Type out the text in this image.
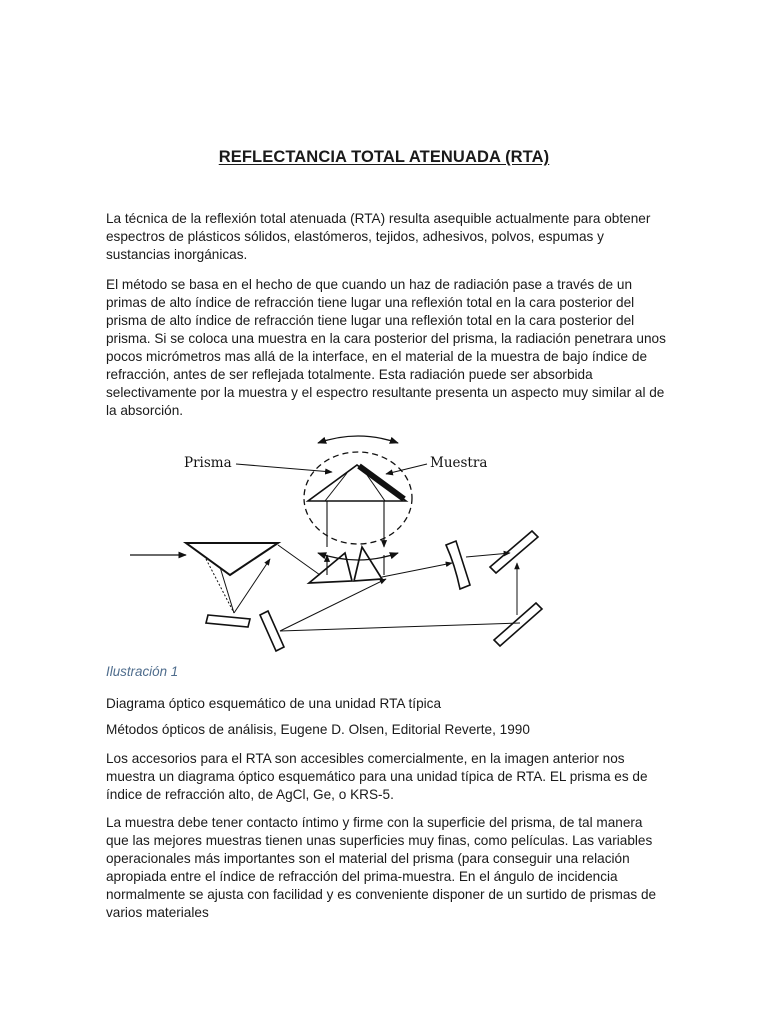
REFLECTANCIA TOTAL ATENUADA (RTA)

La técnica de la reflexión total atenuada (RTA) resulta asequible actualmente para obtener espectros de plásticos sólidos, elastómeros, tejidos, adhesivos, polvos, espumas y sustancias inorgánicas.

El método se basa en el hecho de que cuando un haz de radiación pase a través de un primas de alto índice de refracción tiene lugar una reflexión total en la cara posterior del prisma de alto índice de refracción tiene lugar una reflexión total en la cara posterior del prisma. Si se coloca una muestra en la cara posterior del prisma, la radiación penetrara unos pocos micrómetros mas allá de la interface, en el material de la muestra de bajo índice de refracción, antes de ser reflejada totalmente. Esta radiación puede ser absorbida selectivamente por la muestra y el espectro resultante presenta un aspecto muy similar al de la absorción.

Prisma	Muestra
Ilustración 1

Diagrama óptico esquemático de una unidad RTA típica

Métodos ópticos de análisis, Eugene D. Olsen, Editorial Reverte, 1990

Los accesorios para el RTA son accesibles comercialmente, en la imagen anterior nos muestra un diagrama óptico esquemático para una unidad típica de RTA. EL prisma es de índice de refracción alto, de AgCl, Ge, o KRS-5.

La muestra debe tener contacto íntimo y firme con la superficie del prisma, de tal manera que las mejores muestras tienen unas superficies muy finas, como películas. Las variables operacionales más importantes son el material del prisma (para conseguir una relación apropiada entre el índice de refracción del prima-muestra. En el ángulo de incidencia normalmente se ajusta con facilidad y es conveniente disponer de un surtido de prismas de varios materiales
